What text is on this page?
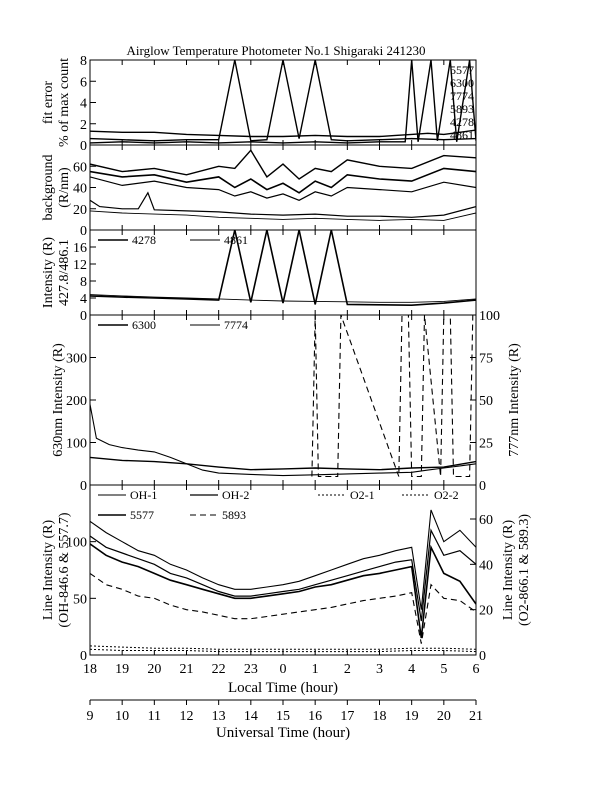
Airglow Temperature Photometer No.1 Shigaraki 241230
0
2
4
6
8
fit error % of max count	5577
6300
7774
5893
4278
4861
0
20
40
60
background (R/nm)
0
4
8
12
16
Intensity (R) 427.8/486.1	4278	4861
0
100
200
300
0
25
50
75
100
630nm Intensity (R)	777nm Intensity (R)
6300	7774
0
50
100
0
20
40
60
Line Intensity (R) (OH-846.6 & 557.7)	Line Intensity (R) (O2-866.1 & 589.3)
OH-1	OH-2	O2-1	O2-2
5577	5893
Local Time (hour)
Universal Time (hour)
18 19 20 21 22 23 0 1 2 3 4 5 6
9 10 11 12 13 14 15 16 17 18 19 20 21
